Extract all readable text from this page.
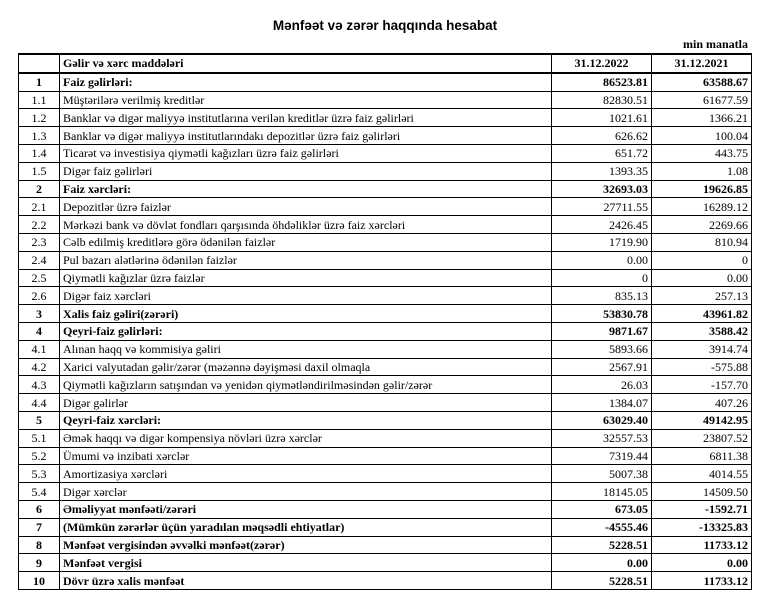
Mənfəət və zərər haqqında hesabat
min manatla
	Gəlir və xərc maddələri	31.12.2022	31.12.2021
1	Faiz gəlirləri:	86523.81	63588.67
1.1	Müştərilərə verilmiş kreditlər	82830.51	61677.59
1.2	Banklar və digər maliyyə institutlarına verilən kreditlər üzrə faiz gəlirləri	1021.61	1366.21
1.3	Banklar və digər maliyyə institutlarındakı depozitlər üzrə faiz gəlirləri	626.62	100.04
1.4	Ticarət və investisiya qiymətli kağızları üzrə faiz gəlirləri	651.72	443.75
1.5	Digər faiz gəlirləri	1393.35	1.08
2	Faiz xərcləri:	32693.03	19626.85
2.1	Depozitlər üzrə faizlər	27711.55	16289.12
2.2	Mərkəzi bank və dövlət fondları qarşısında öhdəliklər üzrə faiz xərcləri	2426.45	2269.66
2.3	Cəlb edilmiş kreditlərə görə ödənilən faizlər	1719.90	810.94
2.4	Pul bazarı alətlərinə ödənilən faizlər	0.00	0
2.5	Qiymətli kağızlar üzrə faizlər	0	0.00
2.6	Digər faiz xərcləri	835.13	257.13
3	Xalis faiz gəliri(zərəri)	53830.78	43961.82
4	Qeyri-faiz gəlirləri:	9871.67	3588.42
4.1	Alınan haqq və kommisiya gəliri	5893.66	3914.74
4.2	Xarici valyutadan gəlir/zərər (məzənnə dəyişməsi daxil olmaqla	2567.91	-575.88
4.3	Qiymətli kağızların satışından və yenidən qiymətləndirilməsindən gəlir/zərər	26.03	-157.70
4.4	Digər gəlirlər	1384.07	407.26
5	Qeyri-faiz xərcləri:	63029.40	49142.95
5.1	Əmək haqqı və digər kompensiya növləri üzrə xərclər	32557.53	23807.52
5.2	Ümumi və inzibati xərclər	7319.44	6811.38
5.3	Amortizasiya xərcləri	5007.38	4014.55
5.4	Digər xərclər	18145.05	14509.50
6	Əməliyyat mənfəəti/zərəri	673.05	-1592.71
7	(Mümkün zərərlər üçün yaradılan məqsədli ehtiyatlar)	-4555.46	-13325.83
8	Mənfəət vergisindən əvvəlki mənfəət(zərər)	5228.51	11733.12
9	Mənfəət vergisi	0.00	0.00
10	Dövr üzrə xalis mənfəət	5228.51	11733.12
